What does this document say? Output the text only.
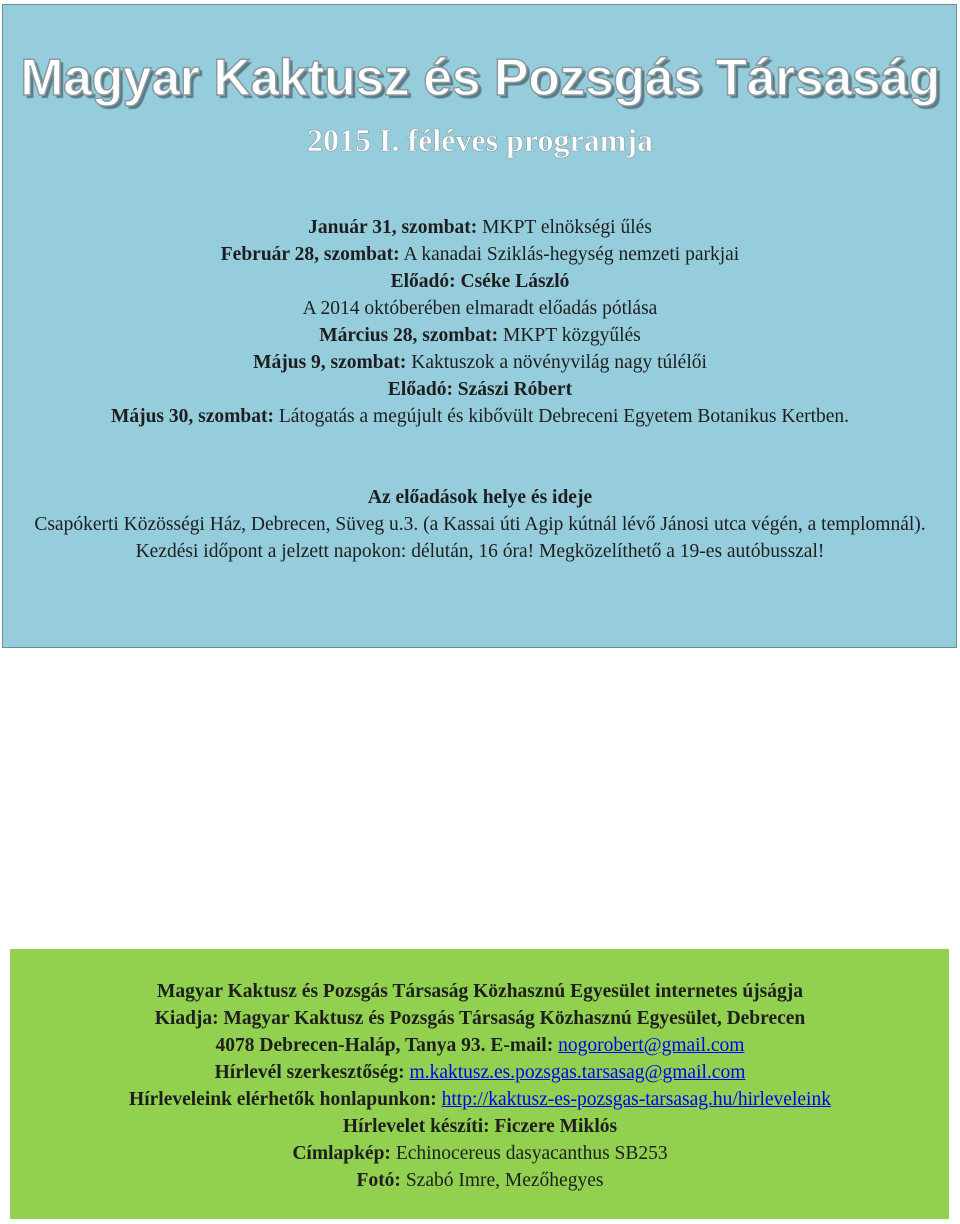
Magyar Kaktusz és Pozsgás Társaság
2015 I. féléves programja
Január 31, szombat: MKPT elnökségi űlés
Február 28, szombat: A kanadai Sziklás-hegység nemzeti parkjai
Előadó: Cséke László
A 2014 októberében elmaradt előadás pótlása
Március 28, szombat: MKPT közgyűlés
Május 9, szombat: Kaktuszok a növényvilág nagy túlélői
Előadó: Szászi Róbert
Május 30, szombat: Látogatás a megújult és kibővült Debreceni Egyetem Botanikus Kertben.
Az előadások helye és ideje
Csapókerti Közösségi Ház, Debrecen, Süveg u.3. (a Kassai úti Agip kútnál lévő Jánosi utca végén, a templomnál). Kezdési időpont a jelzett napokon: délután, 16 óra! Megközelíthető a 19-es autóbusszal!
Magyar Kaktusz és Pozsgás Társaság Közhasznú Egyesület internetes újságja
Kiadja: Magyar Kaktusz és Pozsgás Társaság Közhasznú Egyesület, Debrecen
4078 Debrecen-Haláp, Tanya 93. E-mail: nogorobert@gmail.com
Hírlevél szerkesztőség: m.kaktusz.es.pozsgas.tarsasag@gmail.com
Hírleveleink elérhetők honlapunkon: http://kaktusz-es-pozsgas-tarsasag.hu/hirleveleink
Hírlevelet készíti: Ficzere Miklós
Címlapkép: Echinocereus dasyacanthus SB253
Fotó: Szabó Imre, Mezőhegyes
